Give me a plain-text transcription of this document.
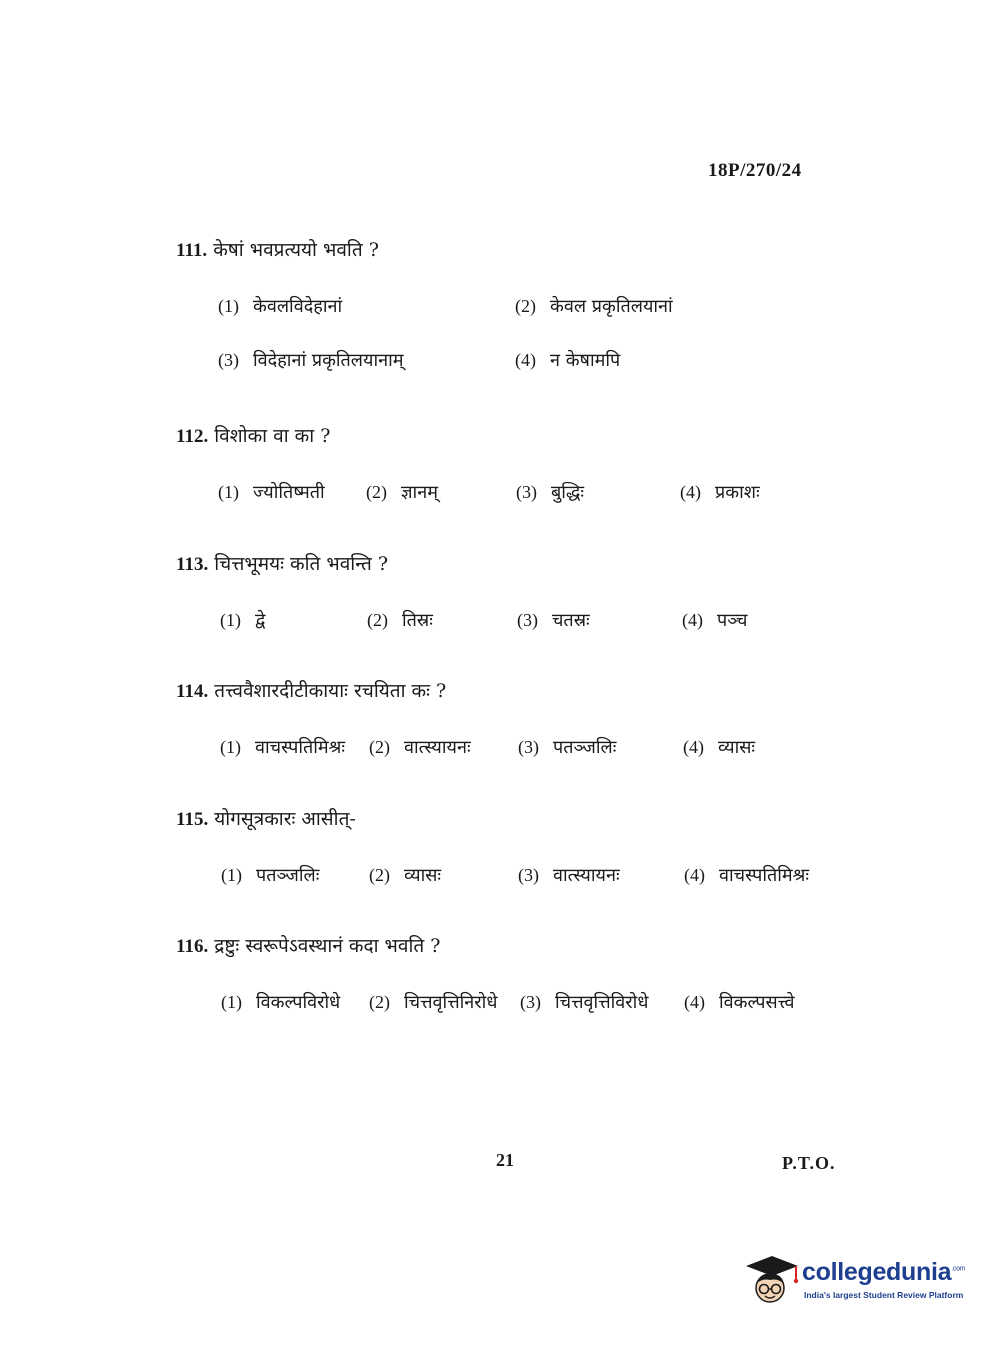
18P/270/24
111. केषां भवप्रत्ययो भवति ?
(1) केवलविदेहानां	(2) केवल प्रकृतिलयानां
(3) विदेहानां प्रकृतिलयानाम्	(4) न केषामपि
112. विशोका वा का ?
(1) ज्योतिष्मती (2) ज्ञानम्	(3) बुद्धिः	(4) प्रकाशः
113. चित्तभूमयः कति भवन्ति ?
(1) द्वे	(2) तिस्रः	(3) चतस्रः	(4) पञ्च
114. तत्त्ववैशारदीटीकायाः रचयिता कः ?
(1) वाचस्पतिमिश्रः (2) वात्स्यायनः	(3) पतञ्जलिः	(4) व्यासः
115. योगसूत्रकारः आसीत्-
(1) पतञ्जलिः	(2) व्यासः	(3) वात्स्यायनः	(4) वाचस्पतिमिश्रः
116. द्रष्टुः स्वरूपेऽवस्थानं कदा भवति ?
(1) विकल्पविरोधे (2) चित्तवृत्तिनिरोधे (3) चित्तवृत्तिविरोधे (4) विकल्पसत्त्वे
21	P.T.O.
collegedunia$^{.com}$
India's largest Student Review Platform
